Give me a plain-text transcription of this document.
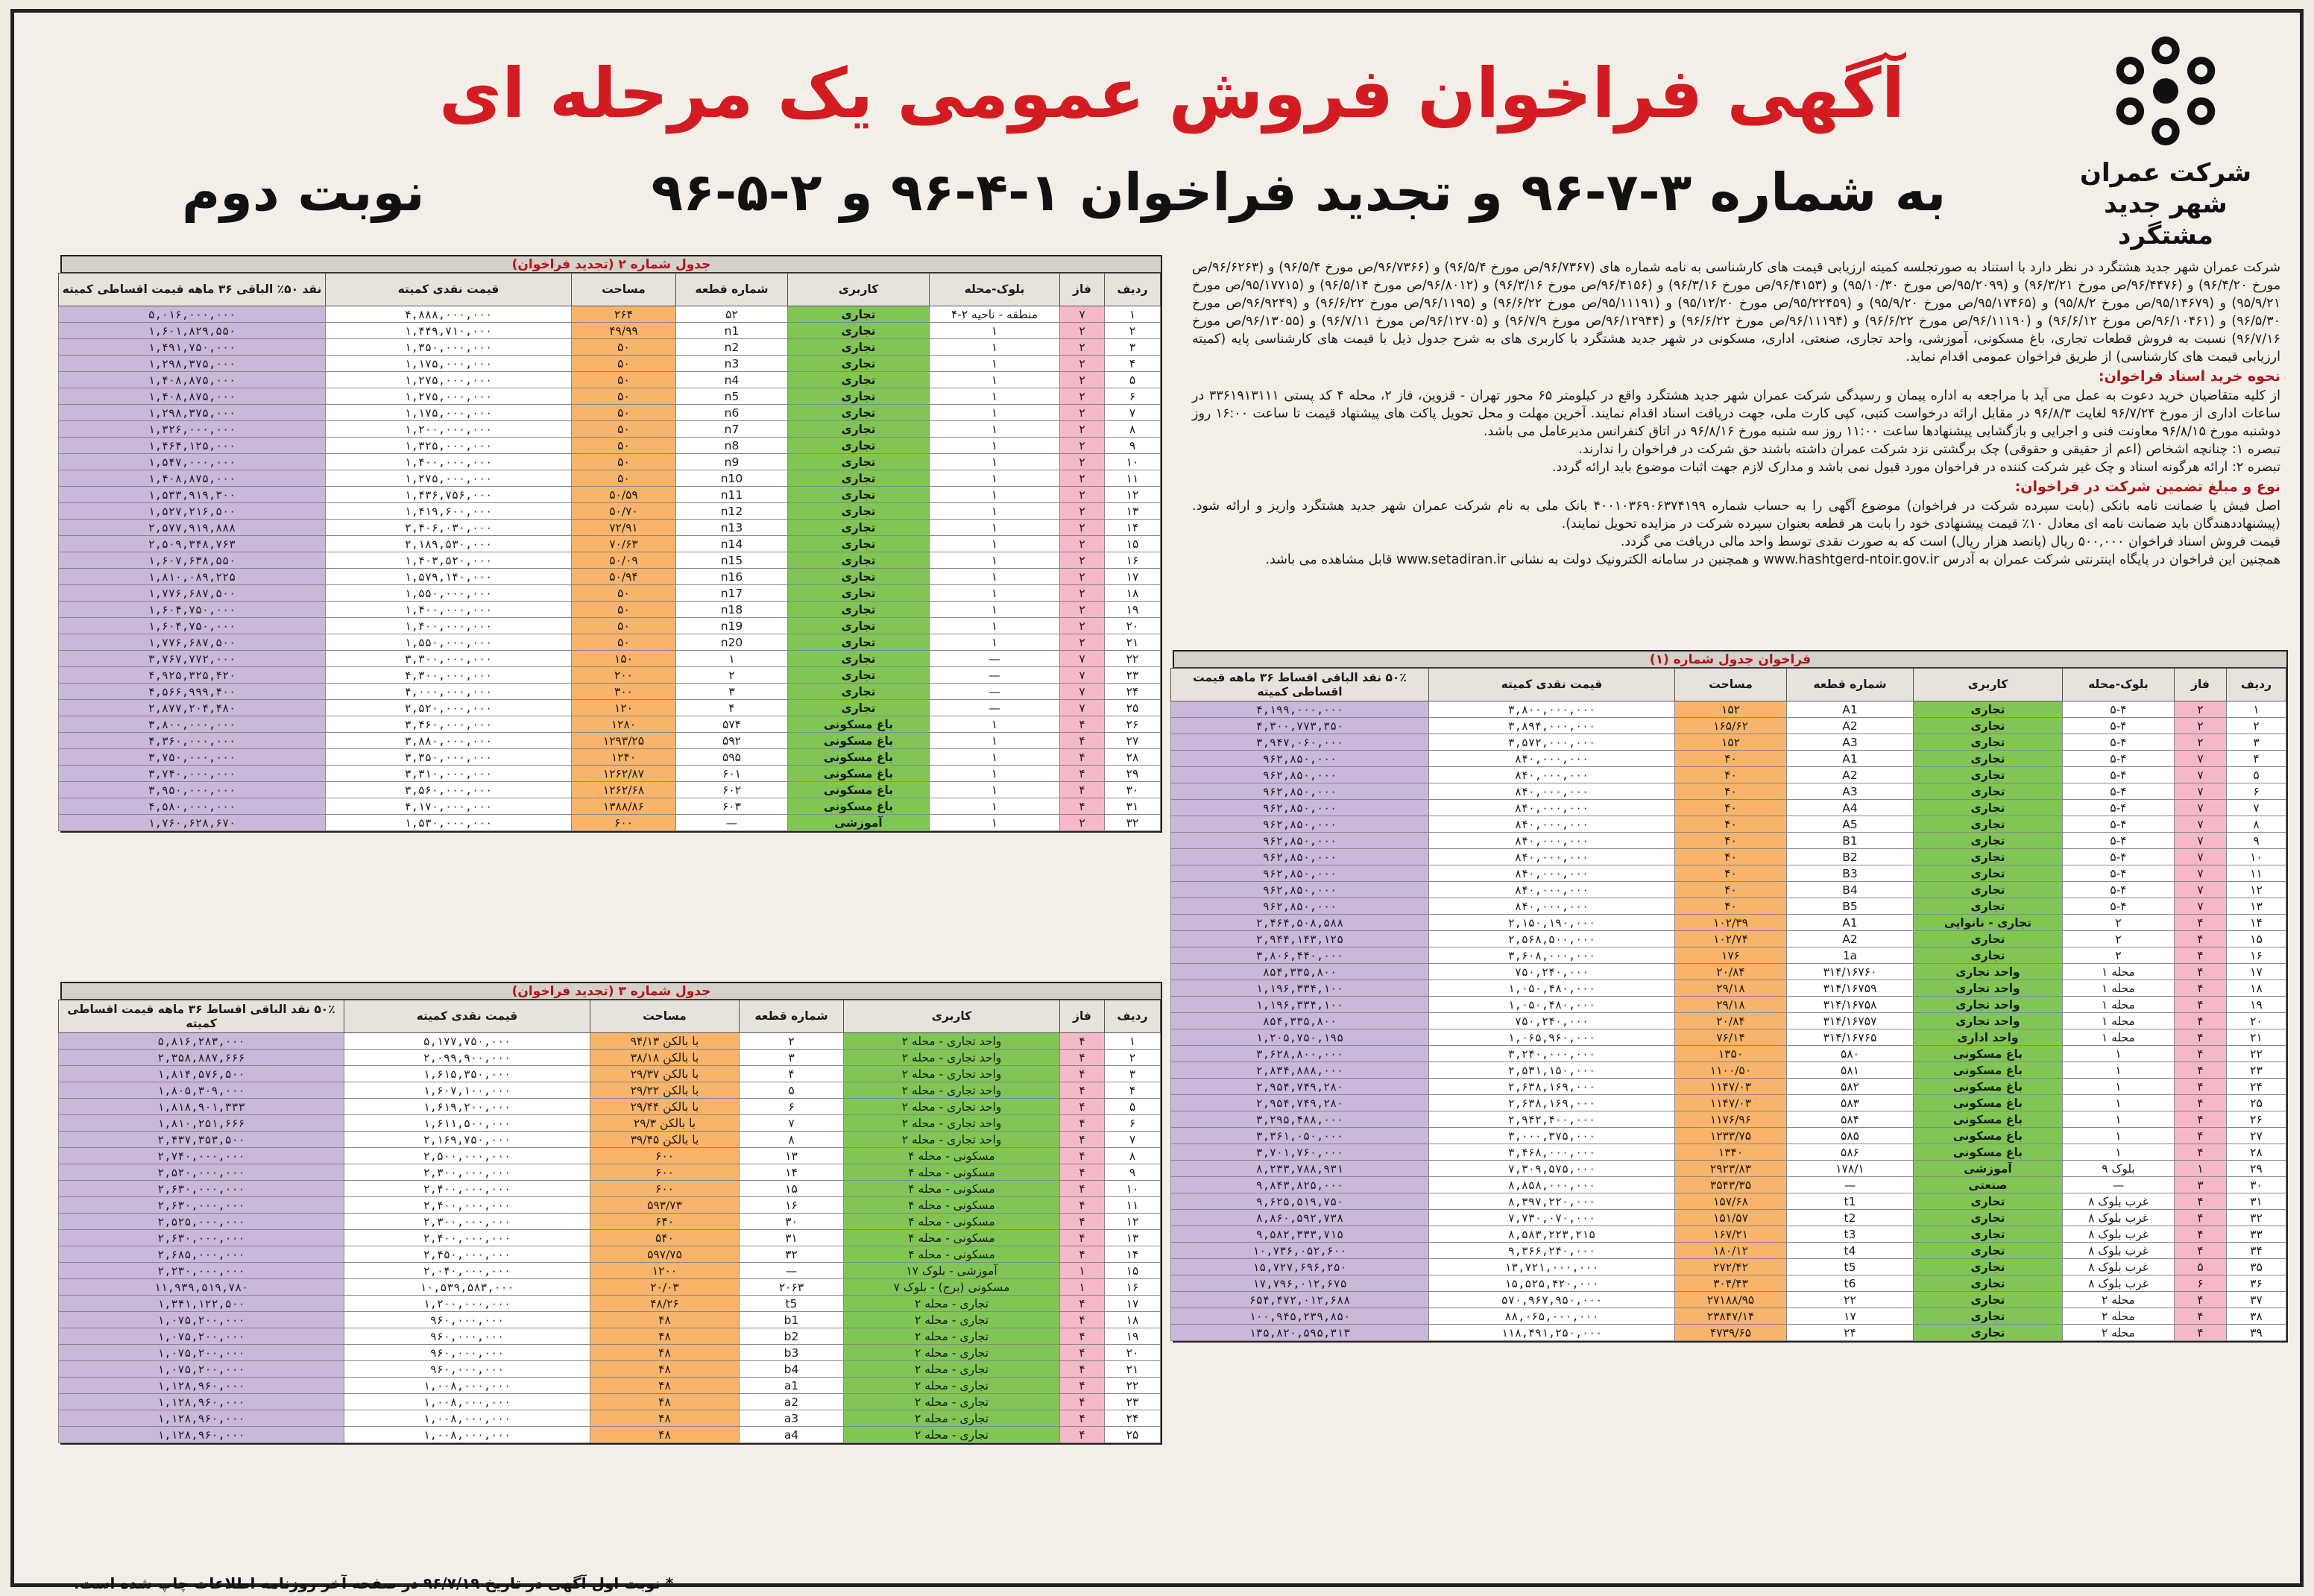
شرکت عمران
شهر جدید مشتگرد
آگهی فراخوان فروش عمومی یک مرحله ای
به شماره ۳-۷-۹۶ و تجدید فراخوان ۱-۴-۹۶ و ۲-۵-۹۶
نوبت دوم

شرکت عمران شهر جدید هشتگرد در نظر دارد با استناد به صورتجلسه کمیته ارزیابی قیمت های کارشناسی به نامه شماره های (۹۶/۷۳۶۷/ص مورخ ۹۶/۵/۴) و (۹۶/۷۳۶۶/ص مورخ ۹۶/۵/۴) و (۹۶/۶۲۶۳/ص مورخ ۹۶/۴/۲۰) و (۹۶/۴۴۷۶/ص مورخ ۹۶/۳/۲۱) و (۹۵/۲۰۹۹/ص مورخ ۹۵/۱۰/۳۰) و (۹۶/۴۱۵۳/ص مورخ ۹۶/۳/۱۶) و (۹۶/۴۱۵۶/ص مورخ ۹۶/۳/۱۶) و (۹۶/۸۰۱۲/ص مورخ ۹۶/۵/۱۴) و (۹۵/۱۷۷۱۵/ص مورخ ۹۵/۹/۲۱) و (۹۵/۱۴۶۷۹/ص مورخ ۹۵/۸/۲) و (۹۵/۱۷۴۶۵/ص مورخ ۹۵/۹/۲۰) و (۹۵/۲۲۴۵۹/ص مورخ ۹۵/۱۲/۲۰) و (۹۵/۱۱۱۹۱/ص مورخ ۹۶/۶/۲۲) و (۹۶/۱۱۹۵/ص مورخ ۹۶/۶/۲۲) و (۹۶/۹۲۴۹/ص مورخ ۹۶/۵/۳۰) و (۹۶/۱۰۴۶۱/ص مورخ ۹۶/۶/۱۲) و (۹۶/۱۱۱۹۰/ص مورخ ۹۶/۶/۲۲) و (۹۶/۱۱۱۹۴/ص مورخ ۹۶/۶/۲۲) و (۹۶/۱۲۹۴۴/ص مورخ ۹۶/۷/۹) و (۹۶/۱۲۷۰۵/ص مورخ ۹۶/۷/۱۱) و (۹۶/۱۳۰۵۵/ص مورخ ۹۶/۷/۱۶) نسبت به فروش قطعات تجاری، باغ مسکونی، آموزشی، واحد تجاری، صنعتی، اداری، مسکونی در شهر جدید هشتگرد با کاربری های به شرح جدول ذیل با قیمت های کارشناسی پایه (کمیته ارزیابی قیمت های کارشناسی) از طریق فراخوان عمومی اقدام نماید.

نحوه خرید اسناد فراخوان:

از کلیه متقاضیان خرید دعوت به عمل می آید با مراجعه به اداره پیمان و رسیدگی شرکت عمران شهر جدید هشتگرد واقع در کیلومتر ۶۵ محور تهران - قزوین، فاز ۲، محله ۴ کد پستی ۳۳۶۱۹۱۳۱۱۱ در ساعات اداری از مورخ ۹۶/۷/۲۴ لغایت ۹۶/۸/۳ در مقابل ارائه درخواست کتبی، کپی کارت ملی، جهت دریافت اسناد اقدام نمایند. آخرین مهلت و محل تحویل پاکت های پیشنهاد قیمت تا ساعت ۱۶:۰۰ روز دوشنبه مورخ ۹۶/۸/۱۵ معاونت فنی و اجرایی و بازگشایی پیشنهادها ساعت ۱۱:۰۰ روز سه شنبه مورخ ۹۶/۸/۱۶ در اتاق کنفرانس مدیرعامل می باشد.

تبصره ۱: چنانچه اشخاص (اعم از حقیقی و حقوقی) چک برگشتی نزد شرکت عمران داشته باشند حق شرکت در فراخوان را ندارند.

تبصره ۲: ارائه هرگونه اسناد و چک غیر شرکت کننده در فراخوان مورد قبول نمی باشد و مدارک لازم جهت اثبات موضوع باید ارائه گردد.

نوع و مبلغ تضمین شرکت در فراخوان:

اصل فیش یا ضمانت نامه بانکی (بابت سپرده شرکت در فراخوان) موضوع آگهی را به حساب شماره ۴۰۰۱۰۳۶۹۰۶۳۷۴۱۹۹ بانک ملی به نام شرکت عمران شهر جدید هشتگرد واریز و ارائه شود. (پیشنهاددهندگان باید ضمانت نامه ای معادل ۱۰٪ قیمت پیشنهادی خود را بابت هر قطعه بعنوان سپرده شرکت در مزایده تحویل نمایند).

قیمت فروش اسناد فراخوان ۵۰۰,۰۰۰ ریال (پانصد هزار ریال) است که به صورت نقدی توسط واحد مالی دریافت می گردد.

همچنین این فراخوان در پایگاه اینترنتی شرکت عمران به آدرس www.hashtgerd-ntoir.gov.ir و همچنین در سامانه الکترونیک دولت به نشانی www.setadiran.ir قابل مشاهده می باشد.

فراخوان جدول شماره (۱)
ردیف	فاز	بلوک-محله	کاربری	شماره قطعه	مساحت	قیمت نقدی کمیته	۵۰٪ نقد الباقی اقساط ۳۶ ماهه قیمت اقساطی کمیته
۱	۲	۵-۴	تجاری	A1	۱۵۲	۳,۸۰۰,۰۰۰,۰۰۰	۴,۱۹۹,۰۰۰,۰۰۰
۲	۲	۵-۴	تجاری	A2	۱۶۵/۶۲	۳,۸۹۴,۰۰۰,۰۰۰	۴,۳۰۰,۷۷۳,۳۵۰
۳	۲	۵-۴	تجاری	A3	۱۵۲	۳,۵۷۲,۰۰۰,۰۰۰	۳,۹۴۷,۰۶۰,۰۰۰
۴	۷	۵-۴	تجاری	A1	۴۰	۸۴۰,۰۰۰,۰۰۰	۹۶۲,۸۵۰,۰۰۰
۵	۷	۵-۴	تجاری	A2	۴۰	۸۴۰,۰۰۰,۰۰۰	۹۶۲,۸۵۰,۰۰۰
۶	۷	۵-۴	تجاری	A3	۴۰	۸۴۰,۰۰۰,۰۰۰	۹۶۲,۸۵۰,۰۰۰
۷	۷	۵-۴	تجاری	A4	۴۰	۸۴۰,۰۰۰,۰۰۰	۹۶۲,۸۵۰,۰۰۰
۸	۷	۵-۴	تجاری	A5	۴۰	۸۴۰,۰۰۰,۰۰۰	۹۶۲,۸۵۰,۰۰۰
۹	۷	۵-۴	تجاری	B1	۴۰	۸۴۰,۰۰۰,۰۰۰	۹۶۲,۸۵۰,۰۰۰
۱۰	۷	۵-۴	تجاری	B2	۴۰	۸۴۰,۰۰۰,۰۰۰	۹۶۲,۸۵۰,۰۰۰
۱۱	۷	۵-۴	تجاری	B3	۴۰	۸۴۰,۰۰۰,۰۰۰	۹۶۲,۸۵۰,۰۰۰
۱۲	۷	۵-۴	تجاری	B4	۴۰	۸۴۰,۰۰۰,۰۰۰	۹۶۲,۸۵۰,۰۰۰
۱۳	۷	۵-۴	تجاری	B5	۴۰	۸۴۰,۰۰۰,۰۰۰	۹۶۲,۸۵۰,۰۰۰
۱۴	۴	۲	تجاری - نانوایی	A1	۱۰۲/۳۹	۲,۱۵۰,۱۹۰,۰۰۰	۲,۴۶۴,۵۰۸,۵۸۸
۱۵	۴	۲	تجاری	A2	۱۰۲/۷۴	۲,۵۶۸,۵۰۰,۰۰۰	۲,۹۴۴,۱۴۳,۱۲۵
۱۶	۴	۲	تجاری	1a	۱۷۶	۳,۶۰۸,۰۰۰,۰۰۰	۳,۸۰۶,۴۴۰,۰۰۰
۱۷	۴	محله ۱	واحد تجاری	۳۱۴/۱۶۷۶۰	۲۰/۸۴	۷۵۰,۲۴۰,۰۰۰	۸۵۴,۳۳۵,۸۰۰
۱۸	۴	محله ۱	واحد تجاری	۳۱۴/۱۶۷۵۹	۲۹/۱۸	۱,۰۵۰,۴۸۰,۰۰۰	۱,۱۹۶,۳۳۴,۱۰۰
۱۹	۴	محله ۱	واحد تجاری	۳۱۴/۱۶۷۵۸	۲۹/۱۸	۱,۰۵۰,۴۸۰,۰۰۰	۱,۱۹۶,۳۳۴,۱۰۰
۲۰	۴	محله ۱	واحد تجاری	۳۱۴/۱۶۷۵۷	۲۰/۸۴	۷۵۰,۲۴۰,۰۰۰	۸۵۴,۳۳۵,۸۰۰
۲۱	۴	محله ۱	واحد اداری	۳۱۴/۱۶۷۶۵	۷۶/۱۴	۱,۰۶۵,۹۶۰,۰۰۰	۱,۲۰۵,۷۵۰,۱۹۵
۲۲	۴	۱	باغ مسکونی	۵۸۰	۱۳۵۰	۳,۲۴۰,۰۰۰,۰۰۰	۳,۶۲۸,۸۰۰,۰۰۰
۲۳	۴	۱	باغ مسکونی	۵۸۱	۱۱۰۰/۵۰	۲,۵۳۱,۱۵۰,۰۰۰	۲,۸۳۴,۸۸۸,۰۰۰
۲۴	۴	۱	باغ مسکونی	۵۸۲	۱۱۴۷/۰۳	۲,۶۳۸,۱۶۹,۰۰۰	۲,۹۵۴,۷۴۹,۲۸۰
۲۵	۴	۱	باغ مسکونی	۵۸۳	۱۱۴۷/۰۳	۲,۶۳۸,۱۶۹,۰۰۰	۲,۹۵۴,۷۴۹,۲۸۰
۲۶	۴	۱	باغ مسکونی	۵۸۴	۱۱۷۶/۹۶	۲,۹۴۲,۴۰۰,۰۰۰	۳,۲۹۵,۴۸۸,۰۰۰
۲۷	۴	۱	باغ مسکونی	۵۸۵	۱۲۳۳/۷۵	۳,۰۰۰,۳۷۵,۰۰۰	۳,۳۶۱,۰۵۰,۰۰۰
۲۸	۴	۱	باغ مسکونی	۵۸۶	۱۳۴۰	۳,۴۶۸,۰۰۰,۰۰۰	۳,۷۰۱,۷۶۰,۰۰۰
۲۹	۱	بلوک ۹	آموزشی	۱۷۸/۱	۲۹۲۳/۸۳	۷,۳۰۹,۵۷۵,۰۰۰	۸,۲۳۳,۷۸۸,۹۳۱
۳۰	۳	—	صنعتی	—	۳۵۴۳/۳۵	۸,۸۵۸,۰۰۰,۰۰۰	۹,۸۴۳,۸۲۵,۰۰۰
۳۱	۴	غرب بلوک ۸	تجاری	t1	۱۵۷/۶۸	۸,۳۹۷,۲۲۰,۰۰۰	۹,۶۲۵,۵۱۹,۷۵۰
۳۲	۴	غرب بلوک ۸	تجاری	t2	۱۵۱/۵۷	۷,۷۳۰,۰۷۰,۰۰۰	۸,۸۶۰,۵۹۲,۷۳۸
۳۳	۴	غرب بلوک ۸	تجاری	t3	۱۶۷/۲۱	۸,۵۸۳,۲۲۳,۲۱۵	۹,۵۸۲,۳۳۳,۷۱۵
۳۴	۴	غرب بلوک ۸	تجاری	t4	۱۸۰/۱۲	۹,۳۶۶,۲۴۰,۰۰۰	۱۰,۷۳۶,۰۵۲,۶۰۰
۳۵	۵	غرب بلوک ۸	تجاری	t5	۲۷۲/۴۲	۱۳,۷۲۱,۰۰۰,۰۰۰	۱۵,۷۲۷,۶۹۶,۲۵۰
۳۶	۶	غرب بلوک ۸	تجاری	t6	۳۰۴/۴۳	۱۵,۵۲۵,۴۲۰,۰۰۰	۱۷,۷۹۶,۰۱۲,۶۷۵
۳۷	۴	محله ۲	تجاری	۲۲	۲۷۱۸۸/۹۵	۵۷۰,۹۶۷,۹۵۰,۰۰۰	۶۵۴,۴۷۲,۰۱۲,۶۸۸
۳۸	۴	محله ۲	تجاری	۱۷	۲۳۸۴۷/۱۴	۸۸,۰۶۵,۰۰۰,۰۰۰	۱۰۰,۹۴۵,۲۳۹,۸۵۰
۳۹	۴	محله ۲	تجاری	۲۴	۴۷۳۹/۶۵	۱۱۸,۴۹۱,۲۵۰,۰۰۰	۱۳۵,۸۲۰,۵۹۵,۳۱۳
جدول شماره ۲ (تجدید فراخوان)
ردیف	فاز	بلوک-محله	کاربری	شماره قطعه	مساحت	قیمت نقدی کمیته	نقد ۵۰٪ الباقی ۳۶ ماهه قیمت اقساطی کمیته
۱	۷	منطقه - ناحیه ۲-۴	تجاری	۵۲	۲۶۴	۴,۸۸۸,۰۰۰,۰۰۰	۵,۰۱۶,۰۰۰,۰۰۰
۲	۲	۱	تجاری	n1	۴۹/۹۹	۱,۴۴۹,۷۱۰,۰۰۰	۱,۶۰۱,۸۲۹,۵۵۰
۳	۲	۱	تجاری	n2	۵۰	۱,۳۵۰,۰۰۰,۰۰۰	۱,۴۹۱,۷۵۰,۰۰۰
۴	۲	۱	تجاری	n3	۵۰	۱,۱۷۵,۰۰۰,۰۰۰	۱,۲۹۸,۳۷۵,۰۰۰
۵	۲	۱	تجاری	n4	۵۰	۱,۲۷۵,۰۰۰,۰۰۰	۱,۴۰۸,۸۷۵,۰۰۰
۶	۲	۱	تجاری	n5	۵۰	۱,۲۷۵,۰۰۰,۰۰۰	۱,۴۰۸,۸۷۵,۰۰۰
۷	۲	۱	تجاری	n6	۵۰	۱,۱۷۵,۰۰۰,۰۰۰	۱,۲۹۸,۳۷۵,۰۰۰
۸	۲	۱	تجاری	n7	۵۰	۱,۲۰۰,۰۰۰,۰۰۰	۱,۳۲۶,۰۰۰,۰۰۰
۹	۲	۱	تجاری	n8	۵۰	۱,۳۲۵,۰۰۰,۰۰۰	۱,۴۶۴,۱۲۵,۰۰۰
۱۰	۲	۱	تجاری	n9	۵۰	۱,۴۰۰,۰۰۰,۰۰۰	۱,۵۴۷,۰۰۰,۰۰۰
۱۱	۲	۱	تجاری	n10	۵۰	۱,۲۷۵,۰۰۰,۰۰۰	۱,۴۰۸,۸۷۵,۰۰۰
۱۲	۲	۱	تجاری	n11	۵۰/۵۹	۱,۴۳۶,۷۵۶,۰۰۰	۱,۵۳۳,۹۱۹,۳۰۰
۱۳	۲	۱	تجاری	n12	۵۰/۷۰	۱,۴۱۹,۶۰۰,۰۰۰	۱,۵۲۷,۲۱۶,۵۰۰
۱۴	۲	۱	تجاری	n13	۷۲/۹۱	۲,۴۰۶,۰۳۰,۰۰۰	۲,۵۷۷,۹۱۹,۸۸۸
۱۵	۲	۱	تجاری	n14	۷۰/۶۳	۲,۱۸۹,۵۳۰,۰۰۰	۲,۵۰۹,۳۴۸,۷۶۳
۱۶	۲	۱	تجاری	n15	۵۰/۰۹	۱,۴۰۳,۵۲۰,۰۰۰	۱,۶۰۷,۶۳۸,۵۵۰
۱۷	۲	۱	تجاری	n16	۵۰/۹۴	۱,۵۷۹,۱۴۰,۰۰۰	۱,۸۱۰,۰۸۹,۲۲۵
۱۸	۲	۱	تجاری	n17	۵۰	۱,۵۵۰,۰۰۰,۰۰۰	۱,۷۷۶,۶۸۷,۵۰۰
۱۹	۲	۱	تجاری	n18	۵۰	۱,۴۰۰,۰۰۰,۰۰۰	۱,۶۰۴,۷۵۰,۰۰۰
۲۰	۲	۱	تجاری	n19	۵۰	۱,۴۰۰,۰۰۰,۰۰۰	۱,۶۰۴,۷۵۰,۰۰۰
۲۱	۲	۱	تجاری	n20	۵۰	۱,۵۵۰,۰۰۰,۰۰۰	۱,۷۷۶,۶۸۷,۵۰۰
۲۲	۷	—	تجاری	۱	۱۵۰	۳,۳۰۰,۰۰۰,۰۰۰	۳,۷۶۷,۷۷۲,۰۰۰
۲۳	۷	—	تجاری	۲	۲۰۰	۴,۳۰۰,۰۰۰,۰۰۰	۴,۹۲۵,۳۲۵,۴۲۰
۲۴	۷	—	تجاری	۳	۳۰۰	۴,۰۰۰,۰۰۰,۰۰۰	۴,۵۶۶,۹۹۹,۴۰۰
۲۵	۷	—	تجاری	۴	۱۲۰	۲,۵۲۰,۰۰۰,۰۰۰	۲,۸۷۷,۲۰۴,۴۸۰
۲۶	۴	۱	باغ مسکونی	۵۷۴	۱۲۸۰	۳,۴۶۰,۰۰۰,۰۰۰	۳,۸۰۰,۰۰۰,۰۰۰
۲۷	۴	۱	باغ مسکونی	۵۹۲	۱۲۹۳/۲۵	۳,۸۸۰,۰۰۰,۰۰۰	۴,۳۶۰,۰۰۰,۰۰۰
۲۸	۴	۱	باغ مسکونی	۵۹۵	۱۲۴۰	۳,۳۵۰,۰۰۰,۰۰۰	۳,۷۵۰,۰۰۰,۰۰۰
۲۹	۴	۱	باغ مسکونی	۶۰۱	۱۲۶۲/۸۷	۳,۳۱۰,۰۰۰,۰۰۰	۳,۷۴۰,۰۰۰,۰۰۰
۳۰	۴	۱	باغ مسکونی	۶۰۲	۱۲۶۲/۶۸	۳,۵۶۰,۰۰۰,۰۰۰	۳,۹۵۰,۰۰۰,۰۰۰
۳۱	۴	۱	باغ مسکونی	۶۰۳	۱۳۸۸/۸۶	۴,۱۷۰,۰۰۰,۰۰۰	۴,۵۸۰,۰۰۰,۰۰۰
۳۲	۲	۱	آموزشی	—	۶۰۰	۱,۵۳۰,۰۰۰,۰۰۰	۱,۷۶۰,۶۲۸,۶۷۰
جدول شماره ۳ (تجدید فراخوان)
ردیف	فاز	کاربری	شماره قطعه	مساحت	قیمت نقدی کمیته	۵۰٪ نقد الباقی اقساط ۳۶ ماهه قیمت اقساطی کمیته
۱	۴	واحد تجاری - محله ۲	۲	با بالکن ۹۴/۱۳	۵,۱۷۷,۷۵۰,۰۰۰	۵,۸۱۶,۲۸۳,۰۰۰
۲	۴	واحد تجاری - محله ۲	۳	با بالکن ۳۸/۱۸	۲,۰۹۹,۹۰۰,۰۰۰	۲,۳۵۸,۸۸۷,۶۶۶
۳	۴	واحد تجاری - محله ۲	۴	با بالکن ۲۹/۳۷	۱,۶۱۵,۳۵۰,۰۰۰	۱,۸۱۴,۵۷۶,۵۰۰
۴	۴	واحد تجاری - محله ۲	۵	با بالکن ۲۹/۲۲	۱,۶۰۷,۱۰۰,۰۰۰	۱,۸۰۵,۳۰۹,۰۰۰
۵	۴	واحد تجاری - محله ۲	۶	با بالکن ۲۹/۴۴	۱,۶۱۹,۲۰۰,۰۰۰	۱,۸۱۸,۹۰۱,۳۳۳
۶	۴	واحد تجاری - محله ۲	۷	با بالکن ۲۹/۳	۱,۶۱۱,۵۰۰,۰۰۰	۱,۸۱۰,۲۵۱,۶۶۶
۷	۴	واحد تجاری - محله ۲	۸	با بالکن ۳۹/۴۵	۲,۱۶۹,۷۵۰,۰۰۰	۲,۴۳۷,۳۵۳,۵۰۰
۸	۴	مسکونی - محله ۴	۱۳	۶۰۰	۲,۵۰۰,۰۰۰,۰۰۰	۲,۷۴۰,۰۰۰,۰۰۰
۹	۴	مسکونی - محله ۴	۱۴	۶۰۰	۲,۳۰۰,۰۰۰,۰۰۰	۲,۵۲۰,۰۰۰,۰۰۰
۱۰	۴	مسکونی - محله ۴	۱۵	۶۰۰	۲,۴۰۰,۰۰۰,۰۰۰	۲,۶۳۰,۰۰۰,۰۰۰
۱۱	۴	مسکونی - محله ۴	۱۶	۵۹۳/۷۳	۲,۴۰۰,۰۰۰,۰۰۰	۲,۶۳۰,۰۰۰,۰۰۰
۱۲	۴	مسکونی - محله ۴	۳۰	۶۴۰	۲,۳۰۰,۰۰۰,۰۰۰	۲,۵۲۵,۰۰۰,۰۰۰
۱۳	۴	مسکونی - محله ۴	۳۱	۵۴۰	۲,۴۰۰,۰۰۰,۰۰۰	۲,۶۳۰,۰۰۰,۰۰۰
۱۴	۴	مسکونی - محله ۴	۳۲	۵۹۷/۷۵	۲,۴۵۰,۰۰۰,۰۰۰	۲,۶۸۵,۰۰۰,۰۰۰
۱۵	۱	آموزشی - بلوک ۱۷	—	۱۲۰۰	۲,۰۴۰,۰۰۰,۰۰۰	۲,۲۳۰,۰۰۰,۰۰۰
۱۶	۱	مسکونی (برج) - بلوک ۷	۲۰۶۳	۲۰/۰۳	۱۰,۵۳۹,۵۸۳,۰۰۰	۱۱,۹۳۹,۵۱۹,۷۸۰
۱۷	۴	تجاری - محله ۲	t5	۴۸/۲۶	۱,۲۰۰,۰۰۰,۰۰۰	۱,۳۴۱,۱۲۲,۵۰۰
۱۸	۴	تجاری - محله ۲	b1	۴۸	۹۶۰,۰۰۰,۰۰۰	۱,۰۷۵,۲۰۰,۰۰۰
۱۹	۴	تجاری - محله ۲	b2	۴۸	۹۶۰,۰۰۰,۰۰۰	۱,۰۷۵,۲۰۰,۰۰۰
۲۰	۴	تجاری - محله ۲	b3	۴۸	۹۶۰,۰۰۰,۰۰۰	۱,۰۷۵,۲۰۰,۰۰۰
۲۱	۴	تجاری - محله ۲	b4	۴۸	۹۶۰,۰۰۰,۰۰۰	۱,۰۷۵,۲۰۰,۰۰۰
۲۲	۴	تجاری - محله ۲	a1	۴۸	۱,۰۰۸,۰۰۰,۰۰۰	۱,۱۲۸,۹۶۰,۰۰۰
۲۳	۴	تجاری - محله ۲	a2	۴۸	۱,۰۰۸,۰۰۰,۰۰۰	۱,۱۲۸,۹۶۰,۰۰۰
۲۴	۴	تجاری - محله ۲	a3	۴۸	۱,۰۰۸,۰۰۰,۰۰۰	۱,۱۲۸,۹۶۰,۰۰۰
۲۵	۴	تجاری - محله ۲	a4	۴۸	۱,۰۰۸,۰۰۰,۰۰۰	۱,۱۲۸,۹۶۰,۰۰۰
* نوبت اول آگهی در تاریخ ۹۶/۷/۱۹ در صفحه آخر روزنامه اطلاعات چاپ شده است.
